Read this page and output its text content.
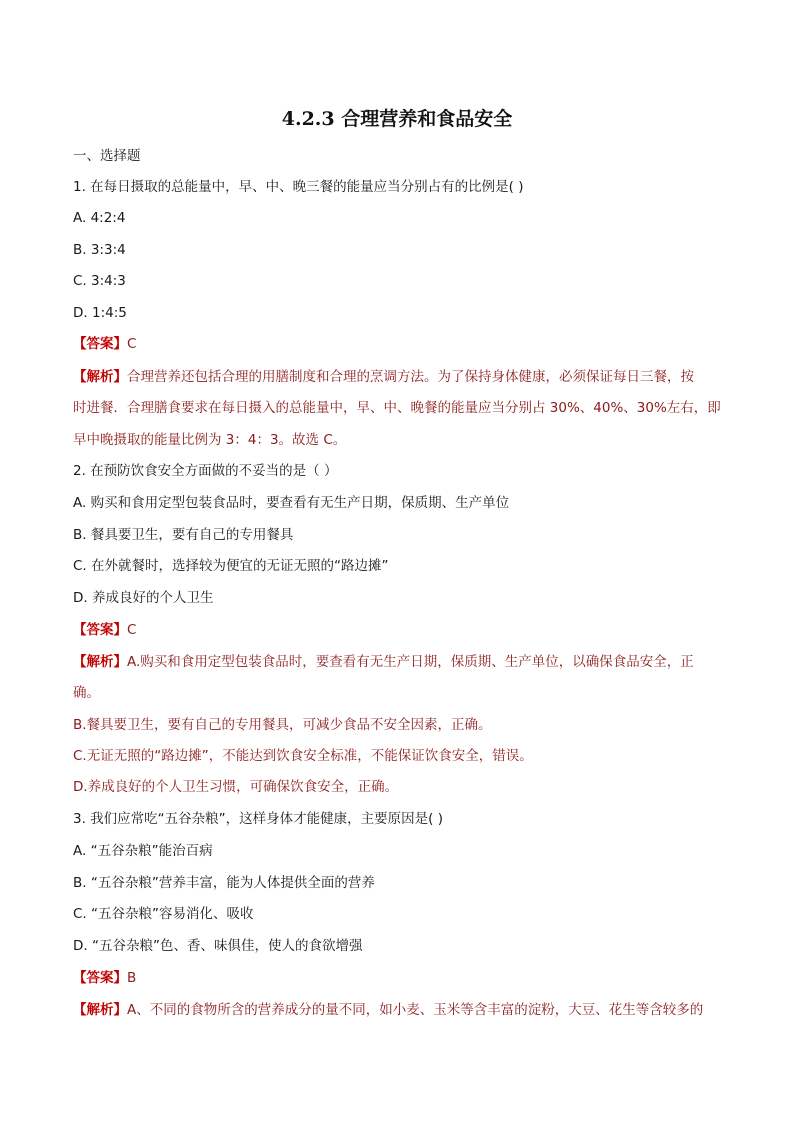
4.2.3 合理营养和食品安全
一、选择题
1. 在每日摄取的总能量中，早、中、晚三餐的能量应当分别占有的比例是( )
A. 4:2:4
B. 3:3:4
C. 3:4:3
D. 1:4:5
【答案】C
【解析】合理营养还包括合理的用膳制度和合理的烹调方法。为了保持身体健康，必须保证每日三餐，按
时进餐．合理膳食要求在每日摄入的总能量中，早、中、晚餐的能量应当分别占 30%、40%、30%左右，即
早中晚摄取的能量比例为 3：4：3。故选 C。
2. 在预防饮食安全方面做的不妥当的是（ ）
A. 购买和食用定型包装食品时，要查看有无生产日期，保质期、生产单位
B. 餐具要卫生，要有自己的专用餐具
C. 在外就餐时，选择较为便宜的无证无照的“路边摊”
D. 养成良好的个人卫生
【答案】C
【解析】A.购买和食用定型包装食品时，要查看有无生产日期，保质期、生产单位，以确保食品安全，正
确。
B.餐具要卫生，要有自己的专用餐具，可减少食品不安全因素，正确。
C.无证无照的“路边摊”，不能达到饮食安全标准，不能保证饮食安全，错误。
D.养成良好的个人卫生习惯，可确保饮食安全，正确。
3. 我们应常吃“五谷杂粮”，这样身体才能健康，主要原因是( )
A. “五谷杂粮”能治百病
B. “五谷杂粮”营养丰富，能为人体提供全面的营养
C. “五谷杂粮”容易消化、吸收
D. “五谷杂粮”色、香、味俱佳，使人的食欲增强
【答案】B
【解析】A、不同的食物所含的营养成分的量不同，如小麦、玉米等含丰富的淀粉，大豆、花生等含较多的
